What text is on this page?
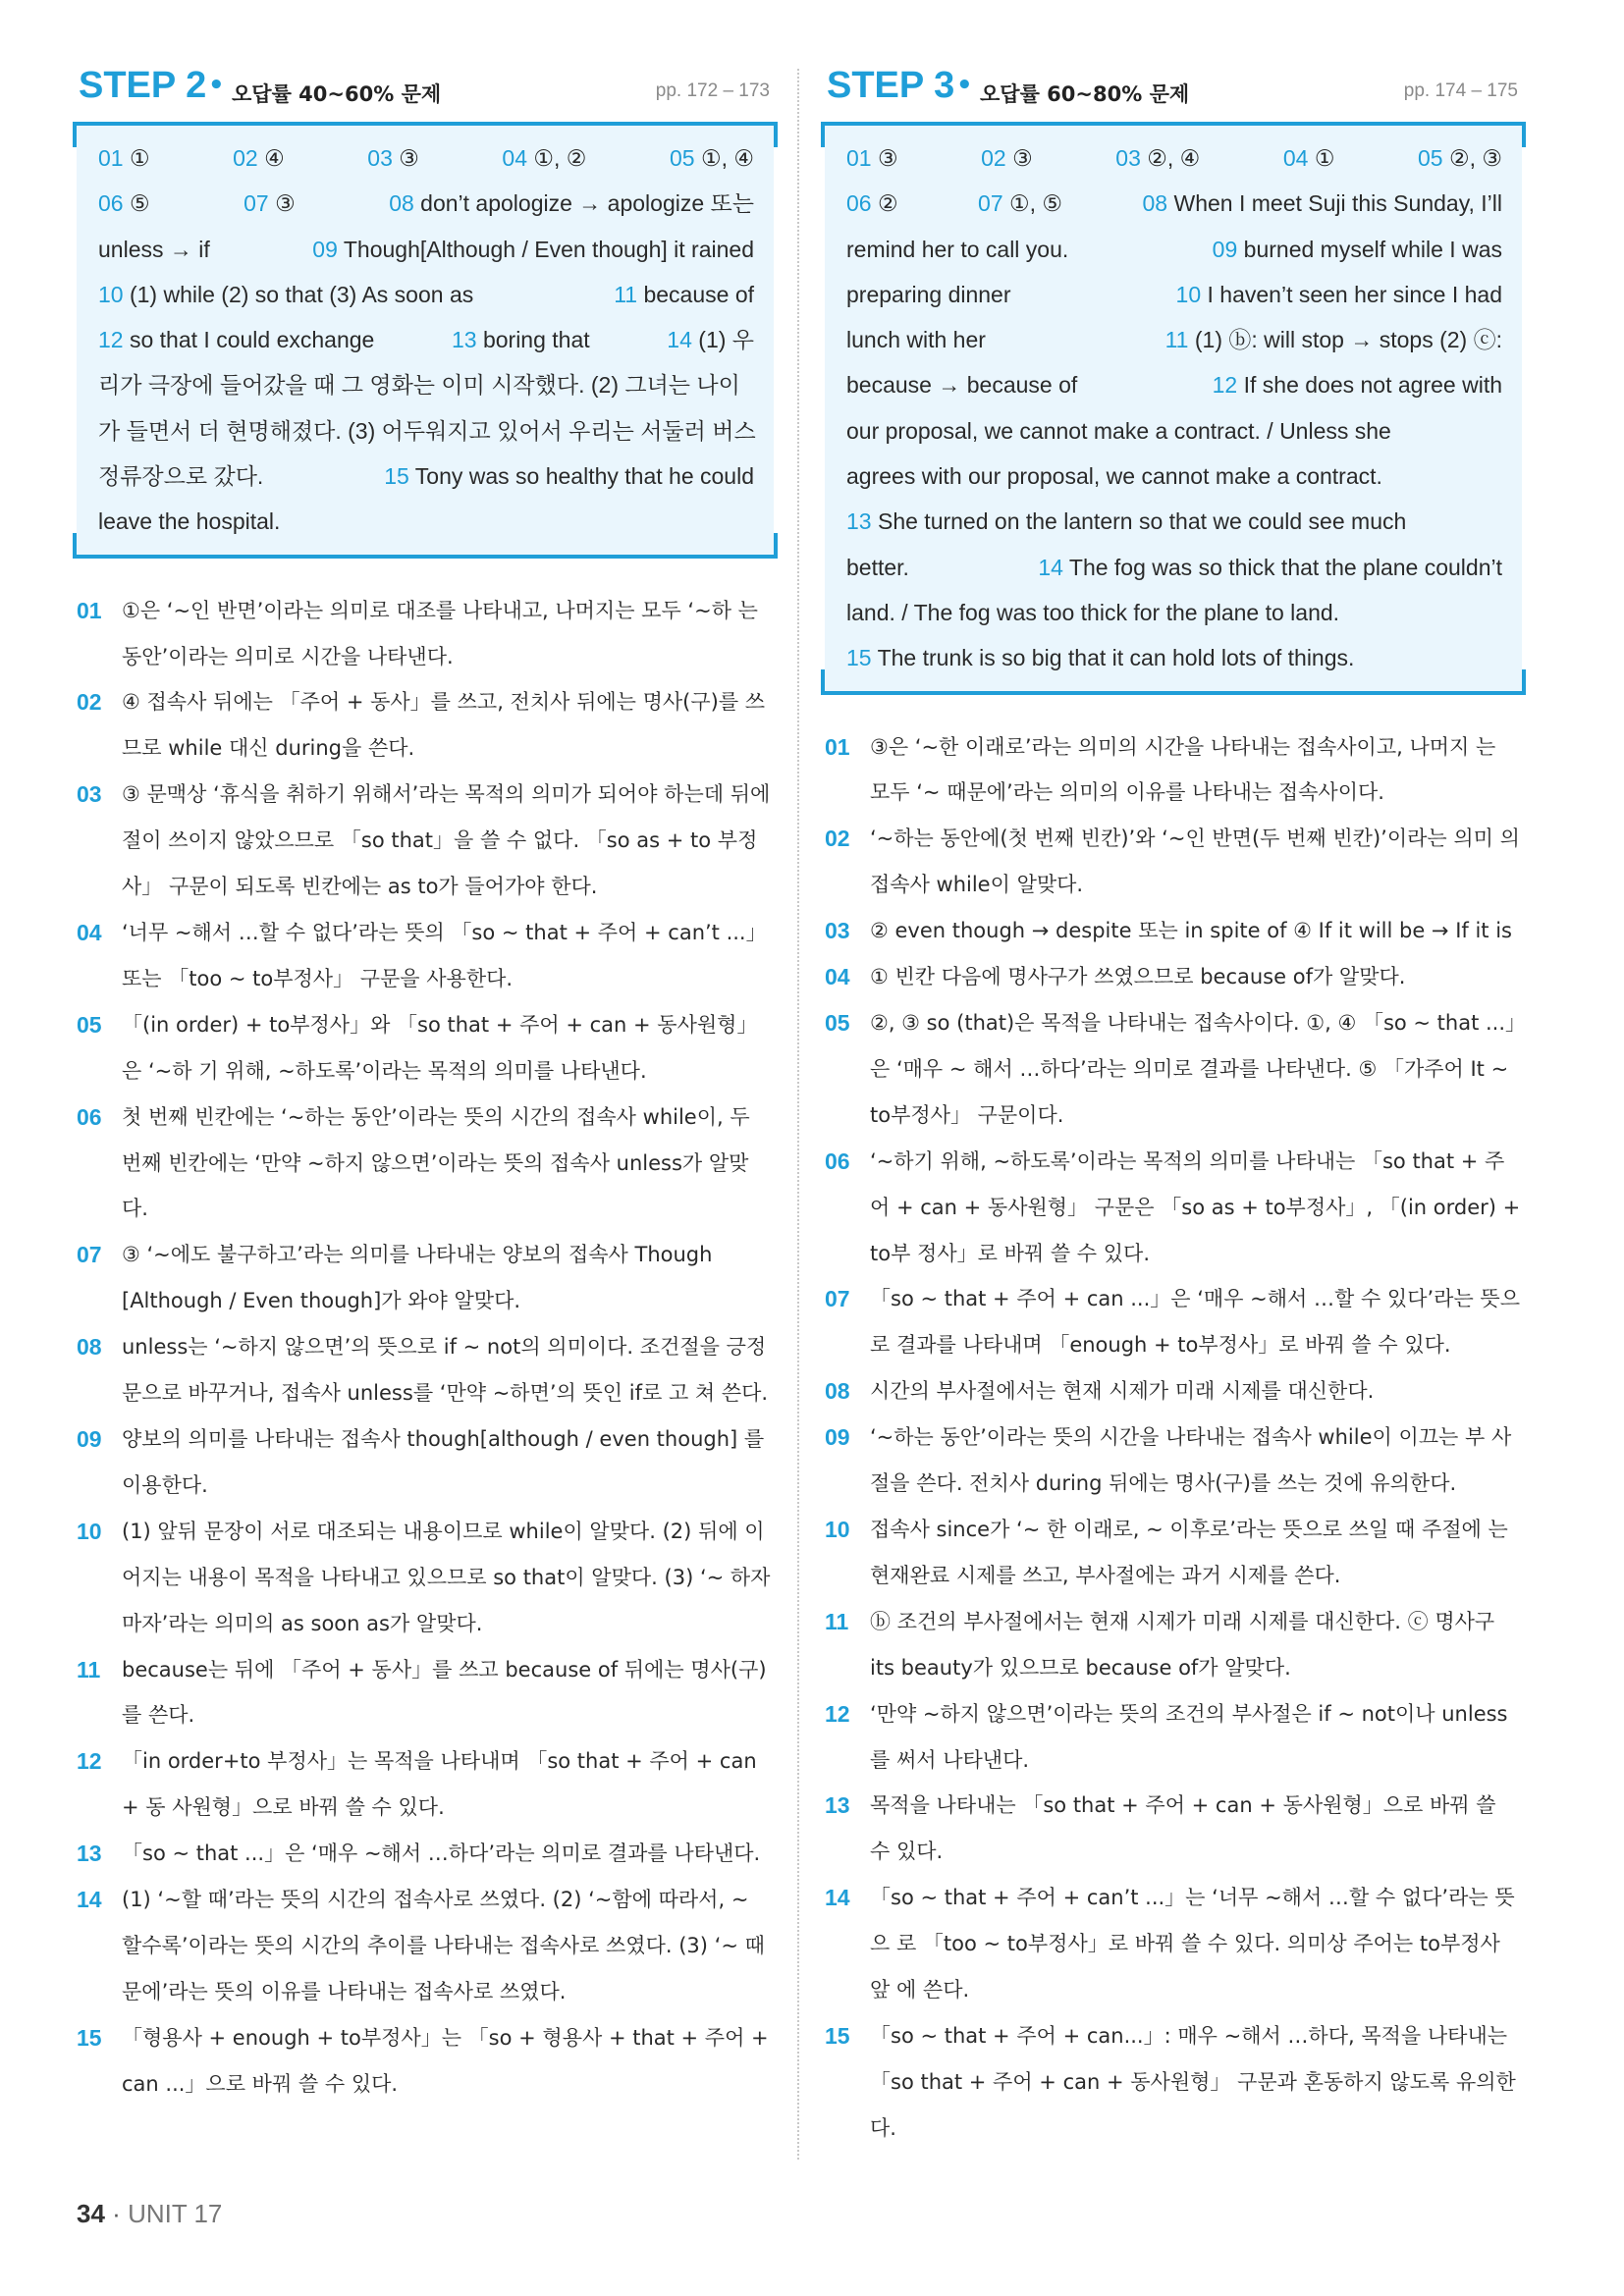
STEP 2 • 오답률 40~60% 문제	pp. 172 – 173
01 ①	02 ④	03 ③	04 ①, ②	05 ①, ④
06 ⑤	07 ③	08 don’t apologize → apologize 또는
unless → if	09 Though[Although / Even though] it rained
10 (1) while (2) so that (3) As soon as	11 because of
12 so that I could exchange	13 boring that	14 (1) 우
리가 극장에 들어갔을 때 그 영화는 이미 시작했다. (2) 그녀는 나이
가 들면서 더 현명해졌다. (3) 어두워지고 있어서 우리는 서둘러 버스
정류장으로 갔다.	15 Tony was so healthy that he could
leave the hospital.
01 ①은 ‘~인 반면’이라는 의미로 대조를 나타내고, 나머지는 모두 ‘~하 는 동안’이라는 의미로 시간을 나타낸다.
02 ④ 접속사 뒤에는 「주어 + 동사」를 쓰고, 전치사 뒤에는 명사(구)를 쓰 므로 while 대신 during을 쓴다.
03 ③ 문맥상 ‘휴식을 취하기 위해서’라는 목적의 의미가 되어야 하는데 뒤에 절이 쓰이지 않았으므로 「so that」을 쓸 수 없다. 「so as + to 부정사」 구문이 되도록 빈칸에는 as to가 들어가야 한다.
04 ‘너무 ~해서 …할 수 없다’라는 뜻의 「so ~ that + 주어 + can’t ...」 또는 「too ~ to부정사」 구문을 사용한다.
05 「(in order) + to부정사」와 「so that + 주어 + can + 동사원형」은 ‘~하 기 위해, ~하도록’이라는 목적의 의미를 나타낸다.
06 첫 번째 빈칸에는 ‘~하는 동안’이라는 뜻의 시간의 접속사 while이, 두 번째 빈칸에는 ‘만약 ~하지 않으면’이라는 뜻의 접속사 unless가 알맞다.
07 ③ ‘~에도 불구하고’라는 의미를 나타내는 양보의 접속사 Though [Although / Even though]가 와야 알맞다.
08 unless는 ‘~하지 않으면’의 뜻으로 if ~ not의 의미이다. 조건절을 긍정문으로 바꾸거나, 접속사 unless를 ‘만약 ~하면’의 뜻인 if로 고 쳐 쓴다.
09 양보의 의미를 나타내는 접속사 though[although / even though] 를 이용한다.
10 (1) 앞뒤 문장이 서로 대조되는 내용이므로 while이 알맞다. (2) 뒤에 이어지는 내용이 목적을 나타내고 있으므로 so that이 알맞다. (3) ‘~ 하자마자’라는 의미의 as soon as가 알맞다.
11 because는 뒤에 「주어 + 동사」를 쓰고 because of 뒤에는 명사(구) 를 쓴다.
12 「in order+to 부정사」는 목적을 나타내며 「so that + 주어 + can + 동 사원형」으로 바꿔 쓸 수 있다.
13 「so ~ that ...」은 ‘매우 ~해서 …하다’라는 의미로 결과를 나타낸다.
14 (1) ‘~할 때’라는 뜻의 시간의 접속사로 쓰였다. (2) ‘~함에 따라서, ~ 할수록’이라는 뜻의 시간의 추이를 나타내는 접속사로 쓰였다. (3) ‘~ 때문에’라는 뜻의 이유를 나타내는 접속사로 쓰였다.
15 「형용사 + enough + to부정사」는 「so + 형용사 + that + 주어 + can ...」으로 바꿔 쓸 수 있다.
STEP 3 • 오답률 60~80% 문제	pp. 174 – 175
01 ③	02 ③	03 ②, ④	04 ①	05 ②, ③
06 ②	07 ①, ⑤	08 When I meet Suji this Sunday, I’ll
remind her to call you.	09 burned myself while I was
preparing dinner	10 I haven’t seen her since I had
lunch with her	11 (1) ⓑ: will stop → stops (2) ⓒ:
because → because of	12 If she does not agree with
our proposal, we cannot make a contract. / Unless she
agrees with our proposal, we cannot make a contract.
13 She turned on the lantern so that we could see much
better.	14 The fog was so thick that the plane couldn’t
land. / The fog was too thick for the plane to land.
15 The trunk is so big that it can hold lots of things.
01 ③은 ‘~한 이래로’라는 의미의 시간을 나타내는 접속사이고, 나머지 는 모두 ‘~ 때문에’라는 의미의 이유를 나타내는 접속사이다.
02 ‘~하는 동안에(첫 번째 빈칸)’와 ‘~인 반면(두 번째 빈칸)’이라는 의미 의 접속사 while이 알맞다.
03 ② even though → despite 또는 in spite of ④ If it will be → If it is
04 ① 빈칸 다음에 명사구가 쓰였으므로 because of가 알맞다.
05 ②, ③ so (that)은 목적을 나타내는 접속사이다. ①, ④ 「so ~ that ...」은 ‘매우 ~ 해서 …하다’라는 의미로 결과를 나타낸다. ⑤ 「가주어 It ~ to부정사」 구문이다.
06 ‘~하기 위해, ~하도록’이라는 목적의 의미를 나타내는 「so that + 주 어 + can + 동사원형」 구문은 「so as + to부정사」, 「(in order) + to부 정사」로 바꿔 쓸 수 있다.
07 「so ~ that + 주어 + can ...」은 ‘매우 ~해서 …할 수 있다’라는 뜻으 로 결과를 나타내며 「enough + to부정사」로 바꿔 쓸 수 있다.
08 시간의 부사절에서는 현재 시제가 미래 시제를 대신한다.
09 ‘~하는 동안’이라는 뜻의 시간을 나타내는 접속사 while이 이끄는 부 사절을 쓴다. 전치사 during 뒤에는 명사(구)를 쓰는 것에 유의한다.
10 접속사 since가 ‘~ 한 이래로, ~ 이후로’라는 뜻으로 쓰일 때 주절에 는 현재완료 시제를 쓰고, 부사절에는 과거 시제를 쓴다.
11 ⓑ 조건의 부사절에서는 현재 시제가 미래 시제를 대신한다. ⓒ 명사구 its beauty가 있으므로 because of가 알맞다.
12 ‘만약 ~하지 않으면’이라는 뜻의 조건의 부사절은 if ~ not이나 unless를 써서 나타낸다.
13 목적을 나타내는 「so that + 주어 + can + 동사원형」으로 바꿔 쓸 수 있다.
14 「so ~ that + 주어 + can’t ...」는 ‘너무 ~해서 …할 수 없다’라는 뜻으 로 「too ~ to부정사」로 바꿔 쓸 수 있다. 의미상 주어는 to부정사 앞 에 쓴다.
15 「so ~ that + 주어 + can...」: 매우 ~해서 …하다, 목적을 나타내는 「so that + 주어 + can + 동사원형」 구문과 혼동하지 않도록 유의한다.
34 · UNIT 17
